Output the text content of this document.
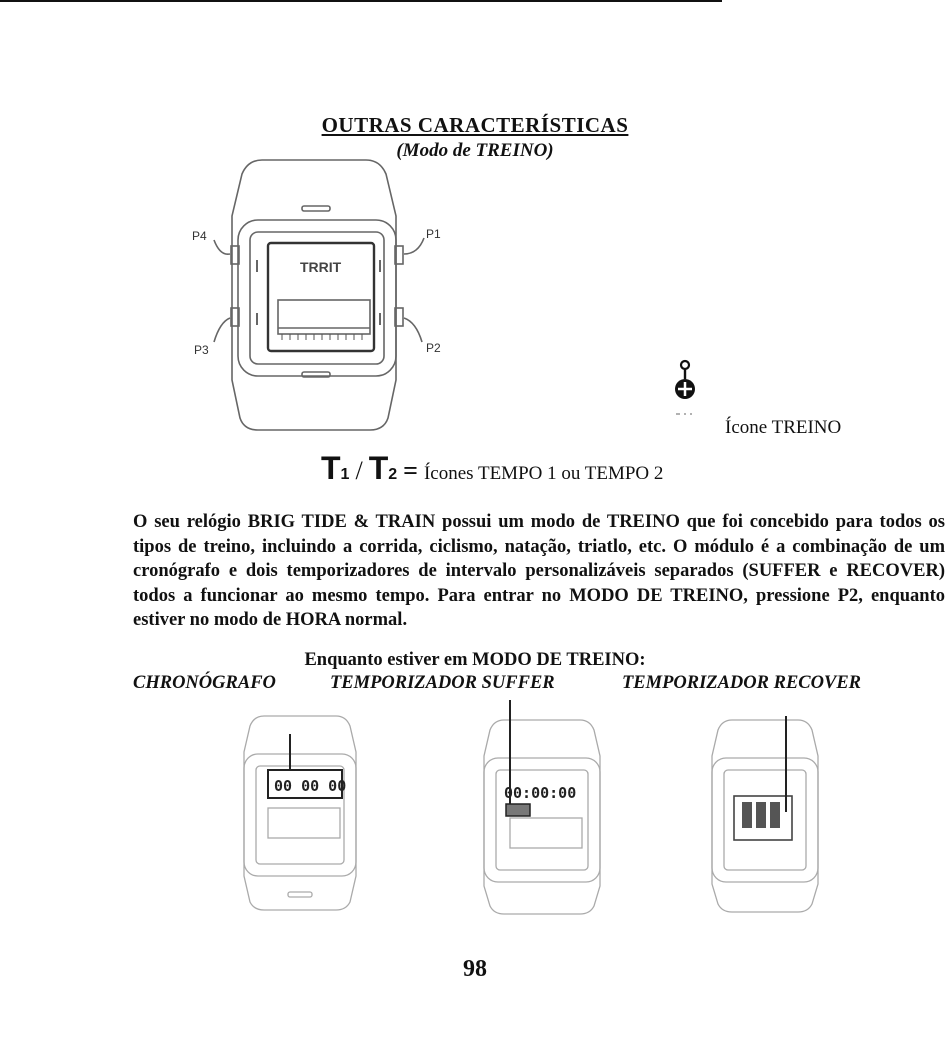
OUTRAS CARACTERÍSTICAS
(Modo de TREINO)
TRRIT
P4	P1
P3	P2
Ícone TREINO
T 1 / T 2 = Ícones TEMPO 1 ou TEMPO 2

O seu relógio BRIG TIDE & TRAIN possui um modo de TREINO que foi concebido para todos os tipos de treino, incluindo a corrida, ciclismo, natação, triatlo, etc. O módulo é a combinação de um cronógrafo e dois temporizadores de intervalo personalizáveis separados (SUFFER e RECOVER) todos a funcionar ao mesmo tempo. Para entrar no MODO DE TREINO, pressione P2, enquanto estiver no modo de HORA normal.

Enquanto estiver em MODO DE TREINO:
CHRONÓGRAFO	TEMPORIZADOR SUFFER	TEMPORIZADOR RECOVER
00 00 00	00:00:00
98
